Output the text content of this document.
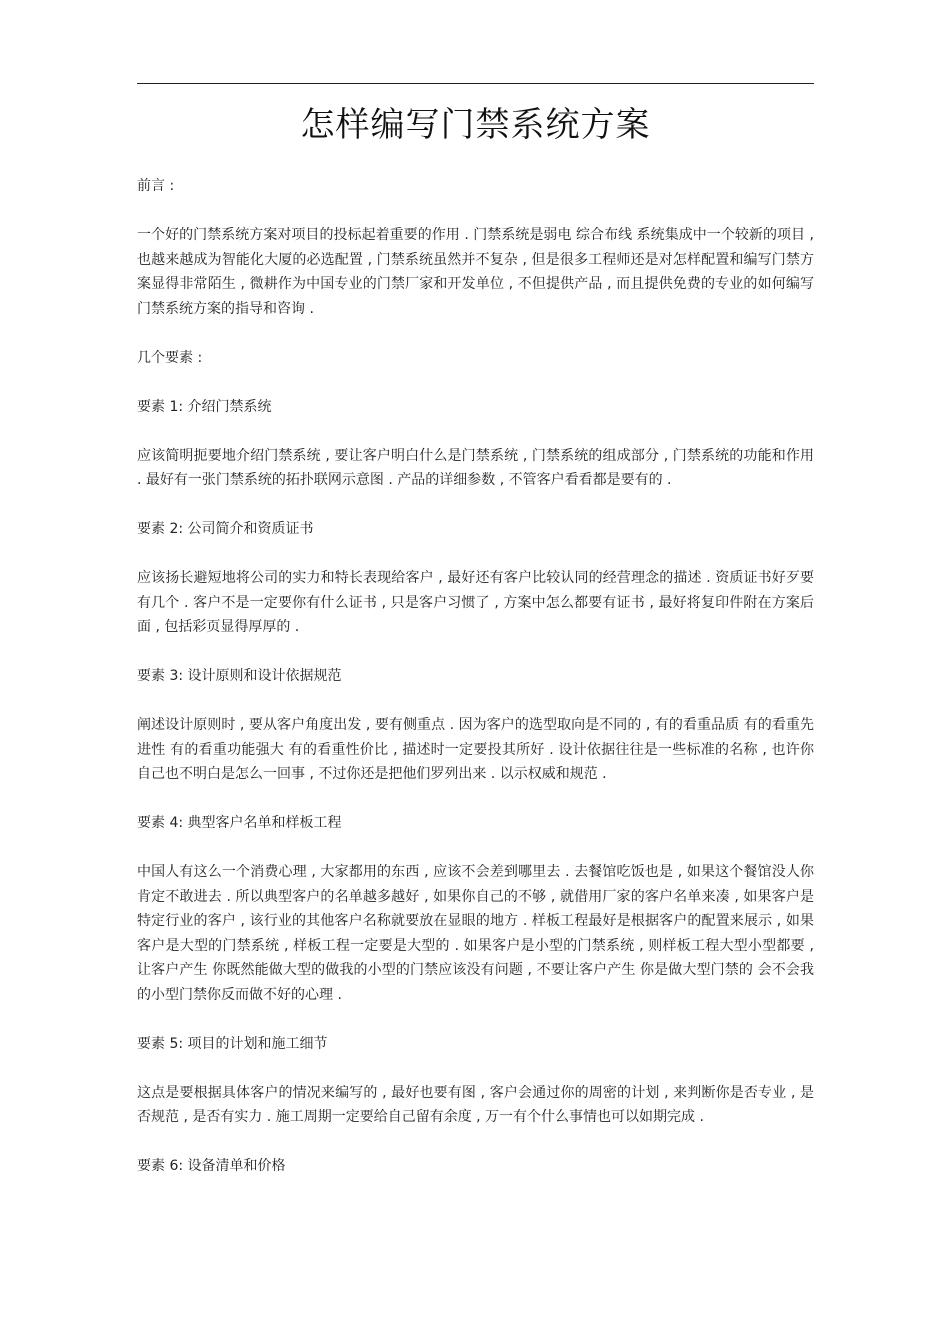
怎样编写门禁系统方案

前言 :

一个好的门禁系统方案对项目的投标起着重要的作用 . 门禁系统是弱电 综合布线 系统集成中一个较新的项目 , 也越来越成为智能化大厦的必选配置 , 门禁系统虽然并不复杂 , 但是很多工程师还是对怎样配置和编写门禁方案显得非常陌生 , 微耕作为中国专业的门禁厂家和开发单位 , 不但提供产品 , 而且提供免费的专业的如何编写门禁系统方案的指导和咨询 .

几个要素 :

要素 1: 介绍门禁系统

应该简明扼要地介绍门禁系统 , 要让客户明白什么是门禁系统 , 门禁系统的组成部分 , 门禁系统的功能和作用 . 最好有一张门禁系统的拓扑联网示意图 . 产品的详细参数 , 不管客户看看都是要有的 .

要素 2: 公司简介和资质证书

应该扬长避短地将公司的实力和特长表现给客户 , 最好还有客户比较认同的经营理念的描述 . 资质证书好歹要有几个 . 客户不是一定要你有什么证书 , 只是客户习惯了 , 方案中怎么都要有证书 , 最好将复印件附在方案后面 , 包括彩页显得厚厚的 .

要素 3: 设计原则和设计依据规范

阐述设计原则时 , 要从客户角度出发 , 要有侧重点 . 因为客户的选型取向是不同的 , 有的看重品质 有的看重先进性 有的看重功能强大 有的看重性价比 , 描述时一定要投其所好 . 设计依据往往是一些标准的名称 , 也许你自己也不明白是怎么一回事 , 不过你还是把他们罗列出来 . 以示权威和规范 .

要素 4: 典型客户名单和样板工程

中国人有这么一个消费心理 , 大家都用的东西 , 应该不会差到哪里去 . 去餐馆吃饭也是 , 如果这个餐馆没人你肯定不敢进去 . 所以典型客户的名单越多越好 , 如果你自己的不够 , 就借用厂家的客户名单来凑 , 如果客户是特定行业的客户 , 该行业的其他客户名称就要放在显眼的地方 . 样板工程最好是根据客户的配置来展示 , 如果客户是大型的门禁系统 , 样板工程一定要是大型的 . 如果客户是小型的门禁系统 , 则样板工程大型小型都要 , 让客户产生 你既然能做大型的做我的小型的门禁应该没有问题 , 不要让客户产生 你是做大型门禁的 会不会我的小型门禁你反而做不好的心理 .

要素 5: 项目的计划和施工细节

这点是要根据具体客户的情况来编写的 , 最好也要有图 , 客户会通过你的周密的计划 , 来判断你是否专业 , 是否规范 , 是否有实力 . 施工周期一定要给自己留有余度 , 万一有个什么事情也可以如期完成 .

要素 6: 设备清单和价格
